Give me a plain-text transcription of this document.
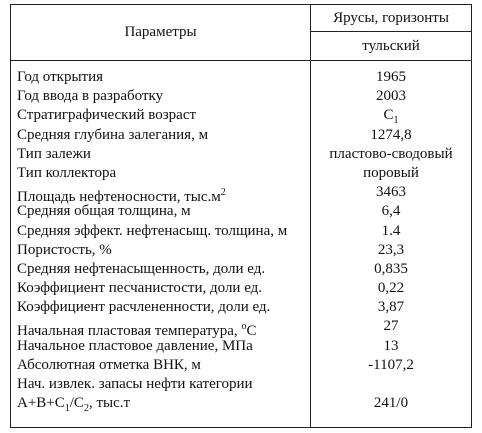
Параметры
Ярусы, горизонты
тульский
Год открытия	1965
Год ввода в разработку	2003
Стратиграфический возраст	$C_1$
Средняя глубина залегания, м	1274,8
Тип залежи	пластово-сводовый
Тип коллектора	поровый
Площадь нефтеносности, $тыс.м^2$	3463
Средняя общая толщина, м	6,4
Средняя эффект. нефтенасыщ. толщина, м	1.4
Пористость, %	23,3
Средняя нефтенасыщенность, доли ед.	0,835
Коэффициент песчанистости, доли ед.	0,22
Коэффициент расчлененности, доли ед.	3,87
Начальная пластовая температура, $^о$С	27
Начальное пластовое давление, МПа	13
Абсолютная отметка ВНК, м	-1107,2
Нач. извлек. запасы нефти категории
$А+В+С_1/С_2$, тыс.т	241/0
